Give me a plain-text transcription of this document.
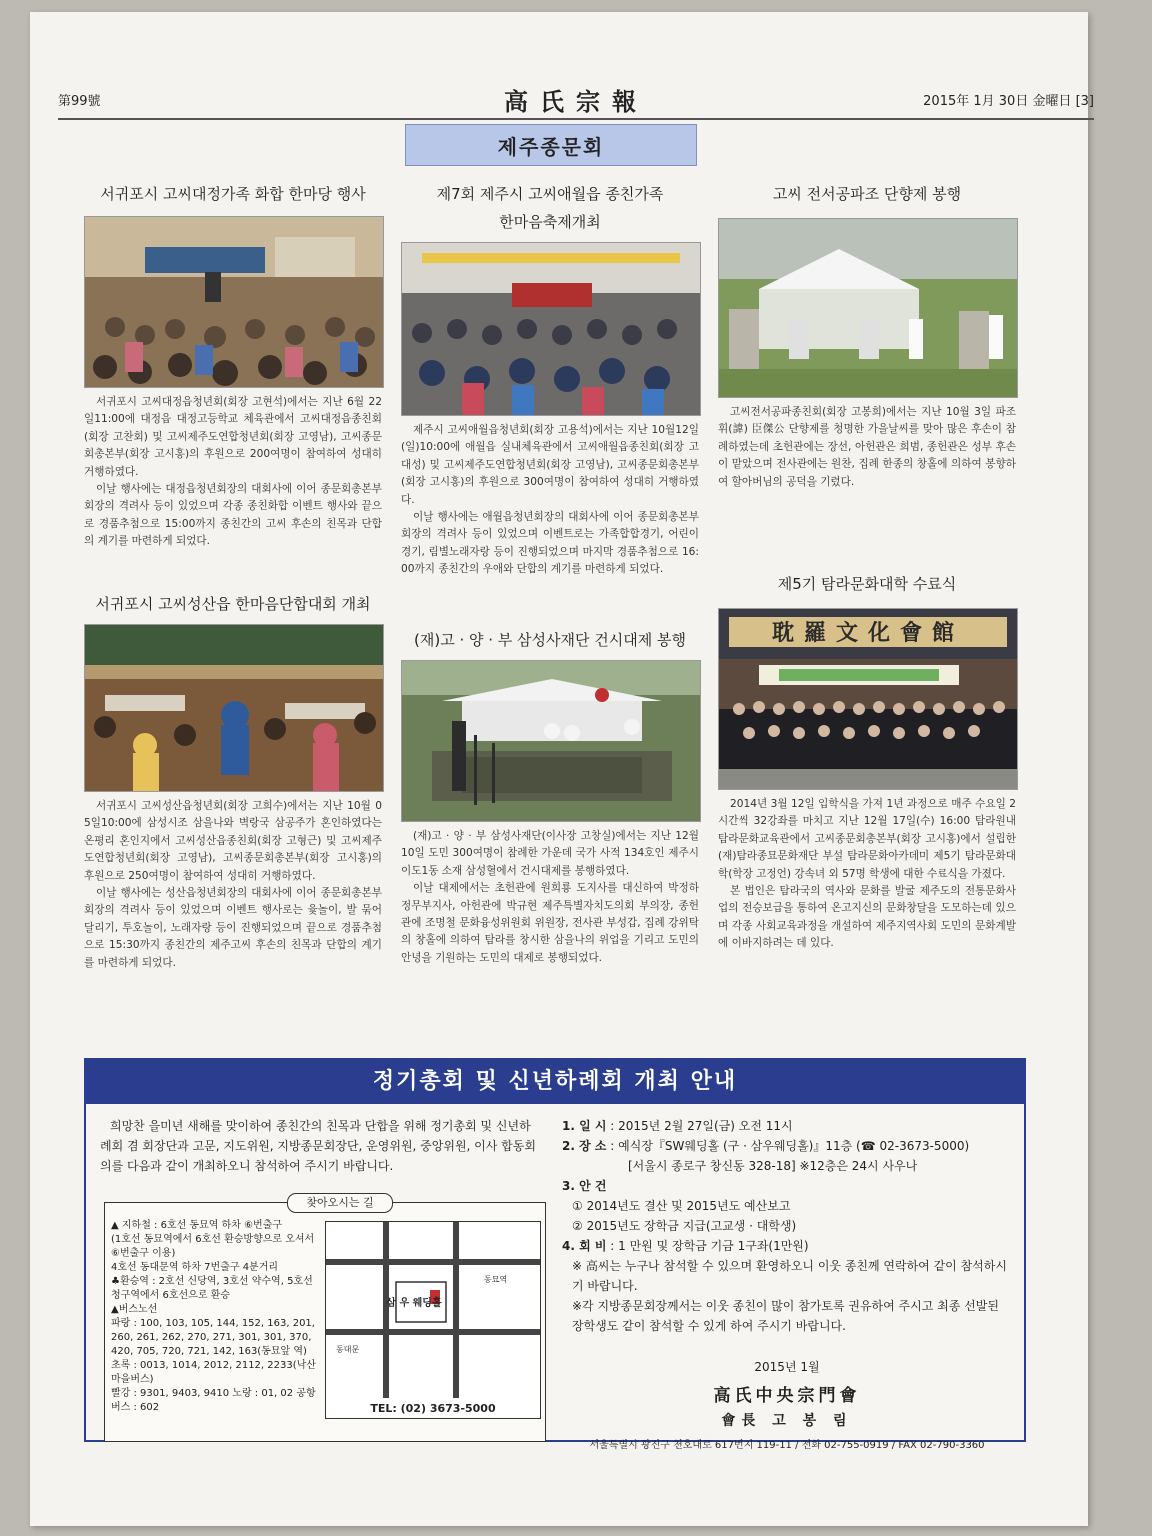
第99號	高氏宗報	2015年 1月 30日 金曜日 [3]
제주종문회
서귀포시 고씨대정가족 화합 한마당 행사

서귀포시 고씨대정읍청년회(회장 고현석)에서는 지난 6월 22일11:00에 대정읍 대정고등학교 체육관에서 고씨대정읍종친회(회장 고찬회) 및 고씨제주도연합청년회(회장 고영남), 고씨종문회총본부(회장 고시홍)의 후원으로 200여명이 참여하여 성대히 거행하였다.

이날 행사에는 대정읍청년회장의 대회사에 이어 종문회총본부 회장의 격려사 등이 있었으며 각종 종친화합 이벤트 행사와 끝으로 경품추첨으로 15:00까지 종친간의 고씨 후손의 친목과 단합의 계기를 마련하게 되었다.

서귀포시 고씨성산읍 한마음단합대회 개최

서귀포시 고씨성산읍청년회(회장 고희수)에서는 지난 10월 05일10:00에 삼성시조 삼을나와 벽랑국 삼공주가 혼인하였다는 온평리 혼인지에서 고씨성산읍종친회(회장 고형근) 및 고씨제주도연합청년회(회장 고영남), 고씨종문회총본부(회장 고시홍)의 후원으로 250여명이 참여하여 성대히 거행하였다.

이날 행사에는 성산읍청년회장의 대회사에 이어 종문회총본부 회장의 격려사 등이 있었으며 이벤트 행사로는 윷놀이, 발 묶어 달리기, 투호놀이, 노래자랑 등이 진행되었으며 끝으로 경품추첨으로 15:30까지 종친간의 제주고씨 후손의 친목과 단합의 계기를 마련하게 되었다.

제7회 제주시 고씨애월읍 종친가족
한마음축제개최

제주시 고씨애월읍청년회(회장 고용석)에서는 지난 10월12일(일)10:00에 애월읍 실내체육관에서 고씨애월읍종친회(회장 고대성) 및 고씨제주도연합청년회(회장 고영남), 고씨종문회총본부(회장 고시홍)의 후원으로 300여명이 참여하여 성대히 거행하였다.

이날 행사에는 애월읍청년회장의 대회사에 이어 종문회총본부 회장의 격려사 등이 있었으며 이벤트로는 가족합합경기, 어린이 경기, 림별노래자랑 등이 진행되었으며 마지막 경품추첨으로 16:00까지 종친간의 우애와 단합의 계기를 마련하게 되었다.

(재)고 · 양 · 부 삼성사재단 건시대제 봉행

(재)고 · 양 · 부 삼성사재단(이사장 고창실)에서는 지난 12월 10일 도민 300여명이 참례한 가운데 국가 사적 134호인 제주시 이도1동 소재 삼성혈에서 건시대제를 봉행하였다.

이날 대제에서는 초헌관에 원희룡 도지사를 대신하여 박정하 정무부지사, 아헌관에 박규현 제주특별자치도의회 부의장, 종헌관에 조명철 문화융성위원회 위원장, 전사관 부성갑, 집례 강위탁의 창홀에 의하여 탐라를 창시한 삼을나의 위업을 기리고 도민의 안녕을 기원하는 도민의 대제로 봉행되었다.

고씨 전서공파조 단향제 봉행

고씨전서공파종친회(회장 고봉희)에서는 지난 10월 3일 파조 휘(諱) 臣傑公 단향제를 청명한 가을날씨를 맞아 많은 후손이 참례하였는데 초헌관에는 장선, 아헌관은 희범, 종헌관은 성부 후손이 맡았으며 전사관에는 원찬, 집례 한종의 창홀에 의하여 봉향하여 할아버님의 공덕을 기렸다.

제5기 탐라문화대학 수료식
耽羅文化會館

2014년 3월 12일 입학식을 가져 1년 과정으로 매주 수요일 2시간씩 32강좌를 마치고 지난 12월 17일(수) 16:00 탐라원내 탐라문화교육관에서 고씨종문회총본부(회장 고시홍)에서 설립한 (재)탐라종묘문화재단 부설 탐라문화아카데미 제5기 탐라문화대학(학장 고정언) 강속녀 외 57명 학생에 대한 수료식을 가졌다.

본 법인은 탐라국의 역사와 문화를 발굴 제주도의 전통문화사업의 전승보급을 통하여 온고지신의 문화창달을 도모하는데 있으며 각종 사회교육과정을 개설하여 제주지역사회 도민의 문화계발에 이바지하려는 데 있다.

정기총회 및 신년하례회 개최 안내
희망찬 을미년 새해를 맞이하여 종친간의 친목과 단합을 위해 정기총회 및 신년하례회 겸 회장단과 고문, 지도위원, 지방종문회장단, 운영위원, 중앙위원, 이사 합동회의를 다음과 같이 개최하오니 참석하여 주시기 바랍니다.
찾아오시는 길
▲ 지하철 : 6호선 동묘역 하차 ⑥번출구
(1호선 동묘역에서 6호선 환승방향으로 오셔서 ⑥번출구 이용)
4호선 동대문역 하차 7번출구 4분거리
♣환승역 : 2호선 신당역, 3호선 약수역, 5호선 청구역에서 6호선으로 환승
▲버스노선
파랑 : 100, 103, 105, 144, 152, 163, 201, 260, 261, 262, 270, 271, 301, 301, 370, 420, 705, 720, 721, 142, 163(동묘앞 역)
초록 : 0013, 1014, 2012, 2112, 2233(낙산 마을버스)
빨강 : 9301, 9403, 9410 노랑 : 01, 02 공항버스 : 602
삼 우 웨딩홀
동묘역
동대문
TEL: (02) 3673-5000
1. 일 시 : 2015년 2월 27일(금) 오전 11시
2. 장 소 : 예식장『SW웨딩홀 (구 · 삼우웨딩홀)』11층 (☎ 02-3673-5000)
[서울시 종로구 창신동 328-18] ※12층은 24시 사우나
3. 안 건
① 2014년도 결산 및 2015년도 예산보고
② 2015년도 장학금 지급(고교생 · 대학생)
4. 회 비 : 1 만원 및 장학금 기금 1구좌(1만원)
※ 高씨는 누구나 참석할 수 있으며 환영하오니 이웃 종친께 연락하여 같이 참석하시기 바랍니다.
※각 지방종문회장께서는 이웃 종친이 많이 참가토록 권유하여 주시고 최종 선발된 장학생도 같이 참석할 수 있게 하여 주시기 바랍니다.
2015년 1월
高氏中央宗門會
會長 고 봉 림
서울특별시 광진구 천호대로 617번지 119-11 / 전화 02-755-0919 / FAX 02-790-3360
